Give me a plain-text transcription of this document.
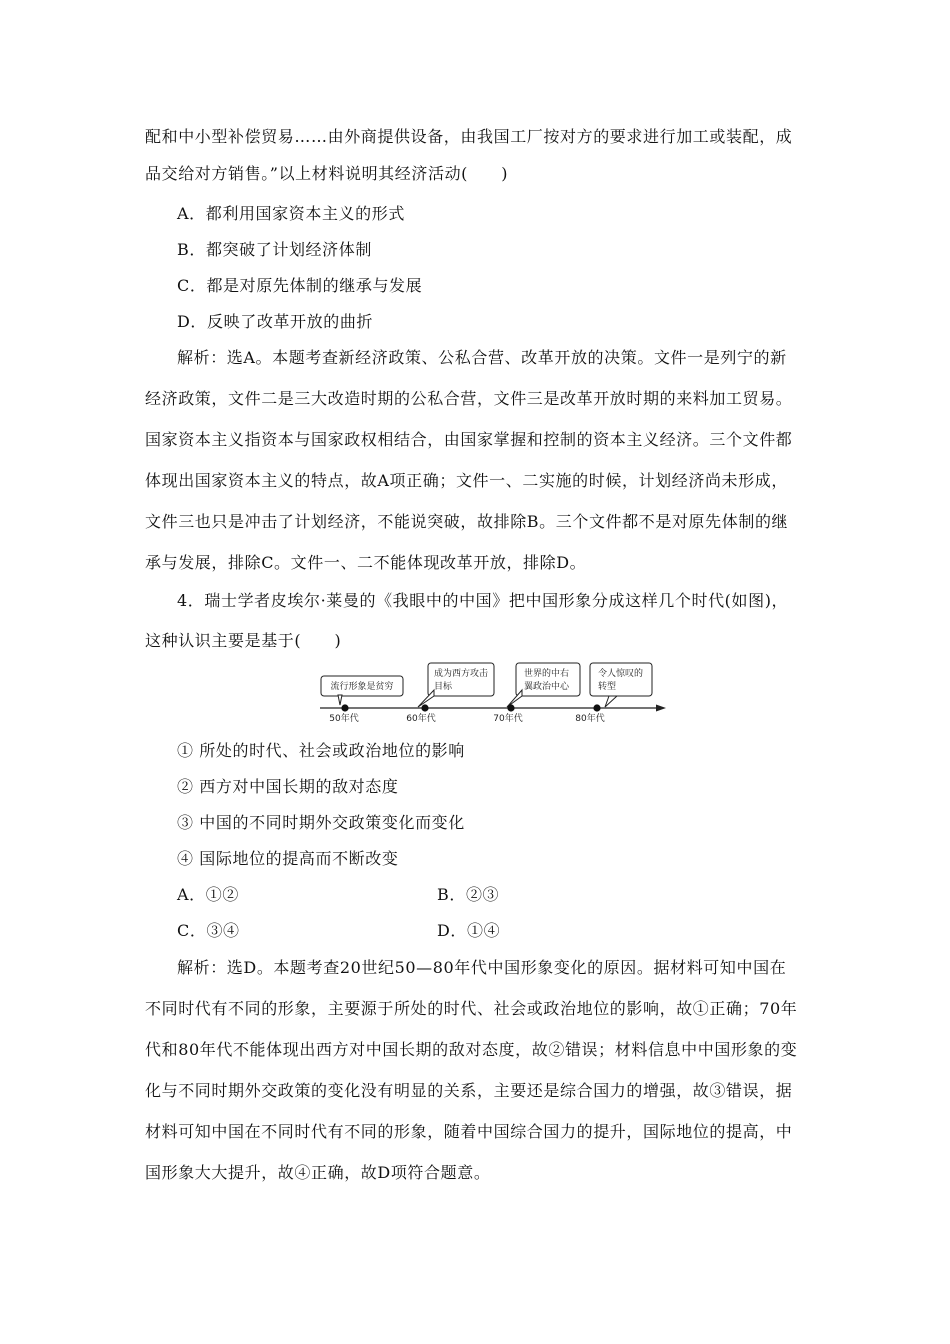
配和中小型补偿贸易……由外商提供设备，由我国工厂按对方的要求进行加工或装配，成
品交给对方销售。”以上材料说明其经济活动(　　)
A．都利用国家资本主义的形式
B．都突破了计划经济体制
C．都是对原先体制的继承与发展
D．反映了改革开放的曲折
解析：选A。本题考查新经济政策、公私合营、改革开放的决策。文件一是列宁的新
经济政策，文件二是三大改造时期的公私合营，文件三是改革开放时期的来料加工贸易。
国家资本主义指资本与国家政权相结合，由国家掌握和控制的资本主义经济。三个文件都
体现出国家资本主义的特点，故A项正确；文件一、二实施的时候，计划经济尚未形成，
文件三也只是冲击了计划经济，不能说突破，故排除B。三个文件都不是对原先体制的继
承与发展，排除C。文件一、二不能体现改革开放，排除D。
4．瑞士学者皮埃尔·莱曼的《我眼中的中国》把中国形象分成这样几个时代(如图)，
这种认识主要是基于(　　)
流行形象是贫穷
成为西方攻击
目标
世界的中右
翼政治中心
令人惊叹的
转型
50年代	60年代	70年代	80年代
① 所处的时代、社会或政治地位的影响
② 西方对中国长期的敌对态度
③ 中国的不同时期外交政策变化而变化
④ 国际地位的提高而不断改变
A．①②	B．②③
C．③④	D．①④
解析：选D。本题考查20世纪50—80年代中国形象变化的原因。据材料可知中国在
不同时代有不同的形象，主要源于所处的时代、社会或政治地位的影响，故①正确；70年
代和80年代不能体现出西方对中国长期的敌对态度，故②错误；材料信息中中国形象的变
化与不同时期外交政策的变化没有明显的关系，主要还是综合国力的增强，故③错误，据
材料可知中国在不同时代有不同的形象，随着中国综合国力的提升，国际地位的提高，中
国形象大大提升，故④正确，故D项符合题意。
